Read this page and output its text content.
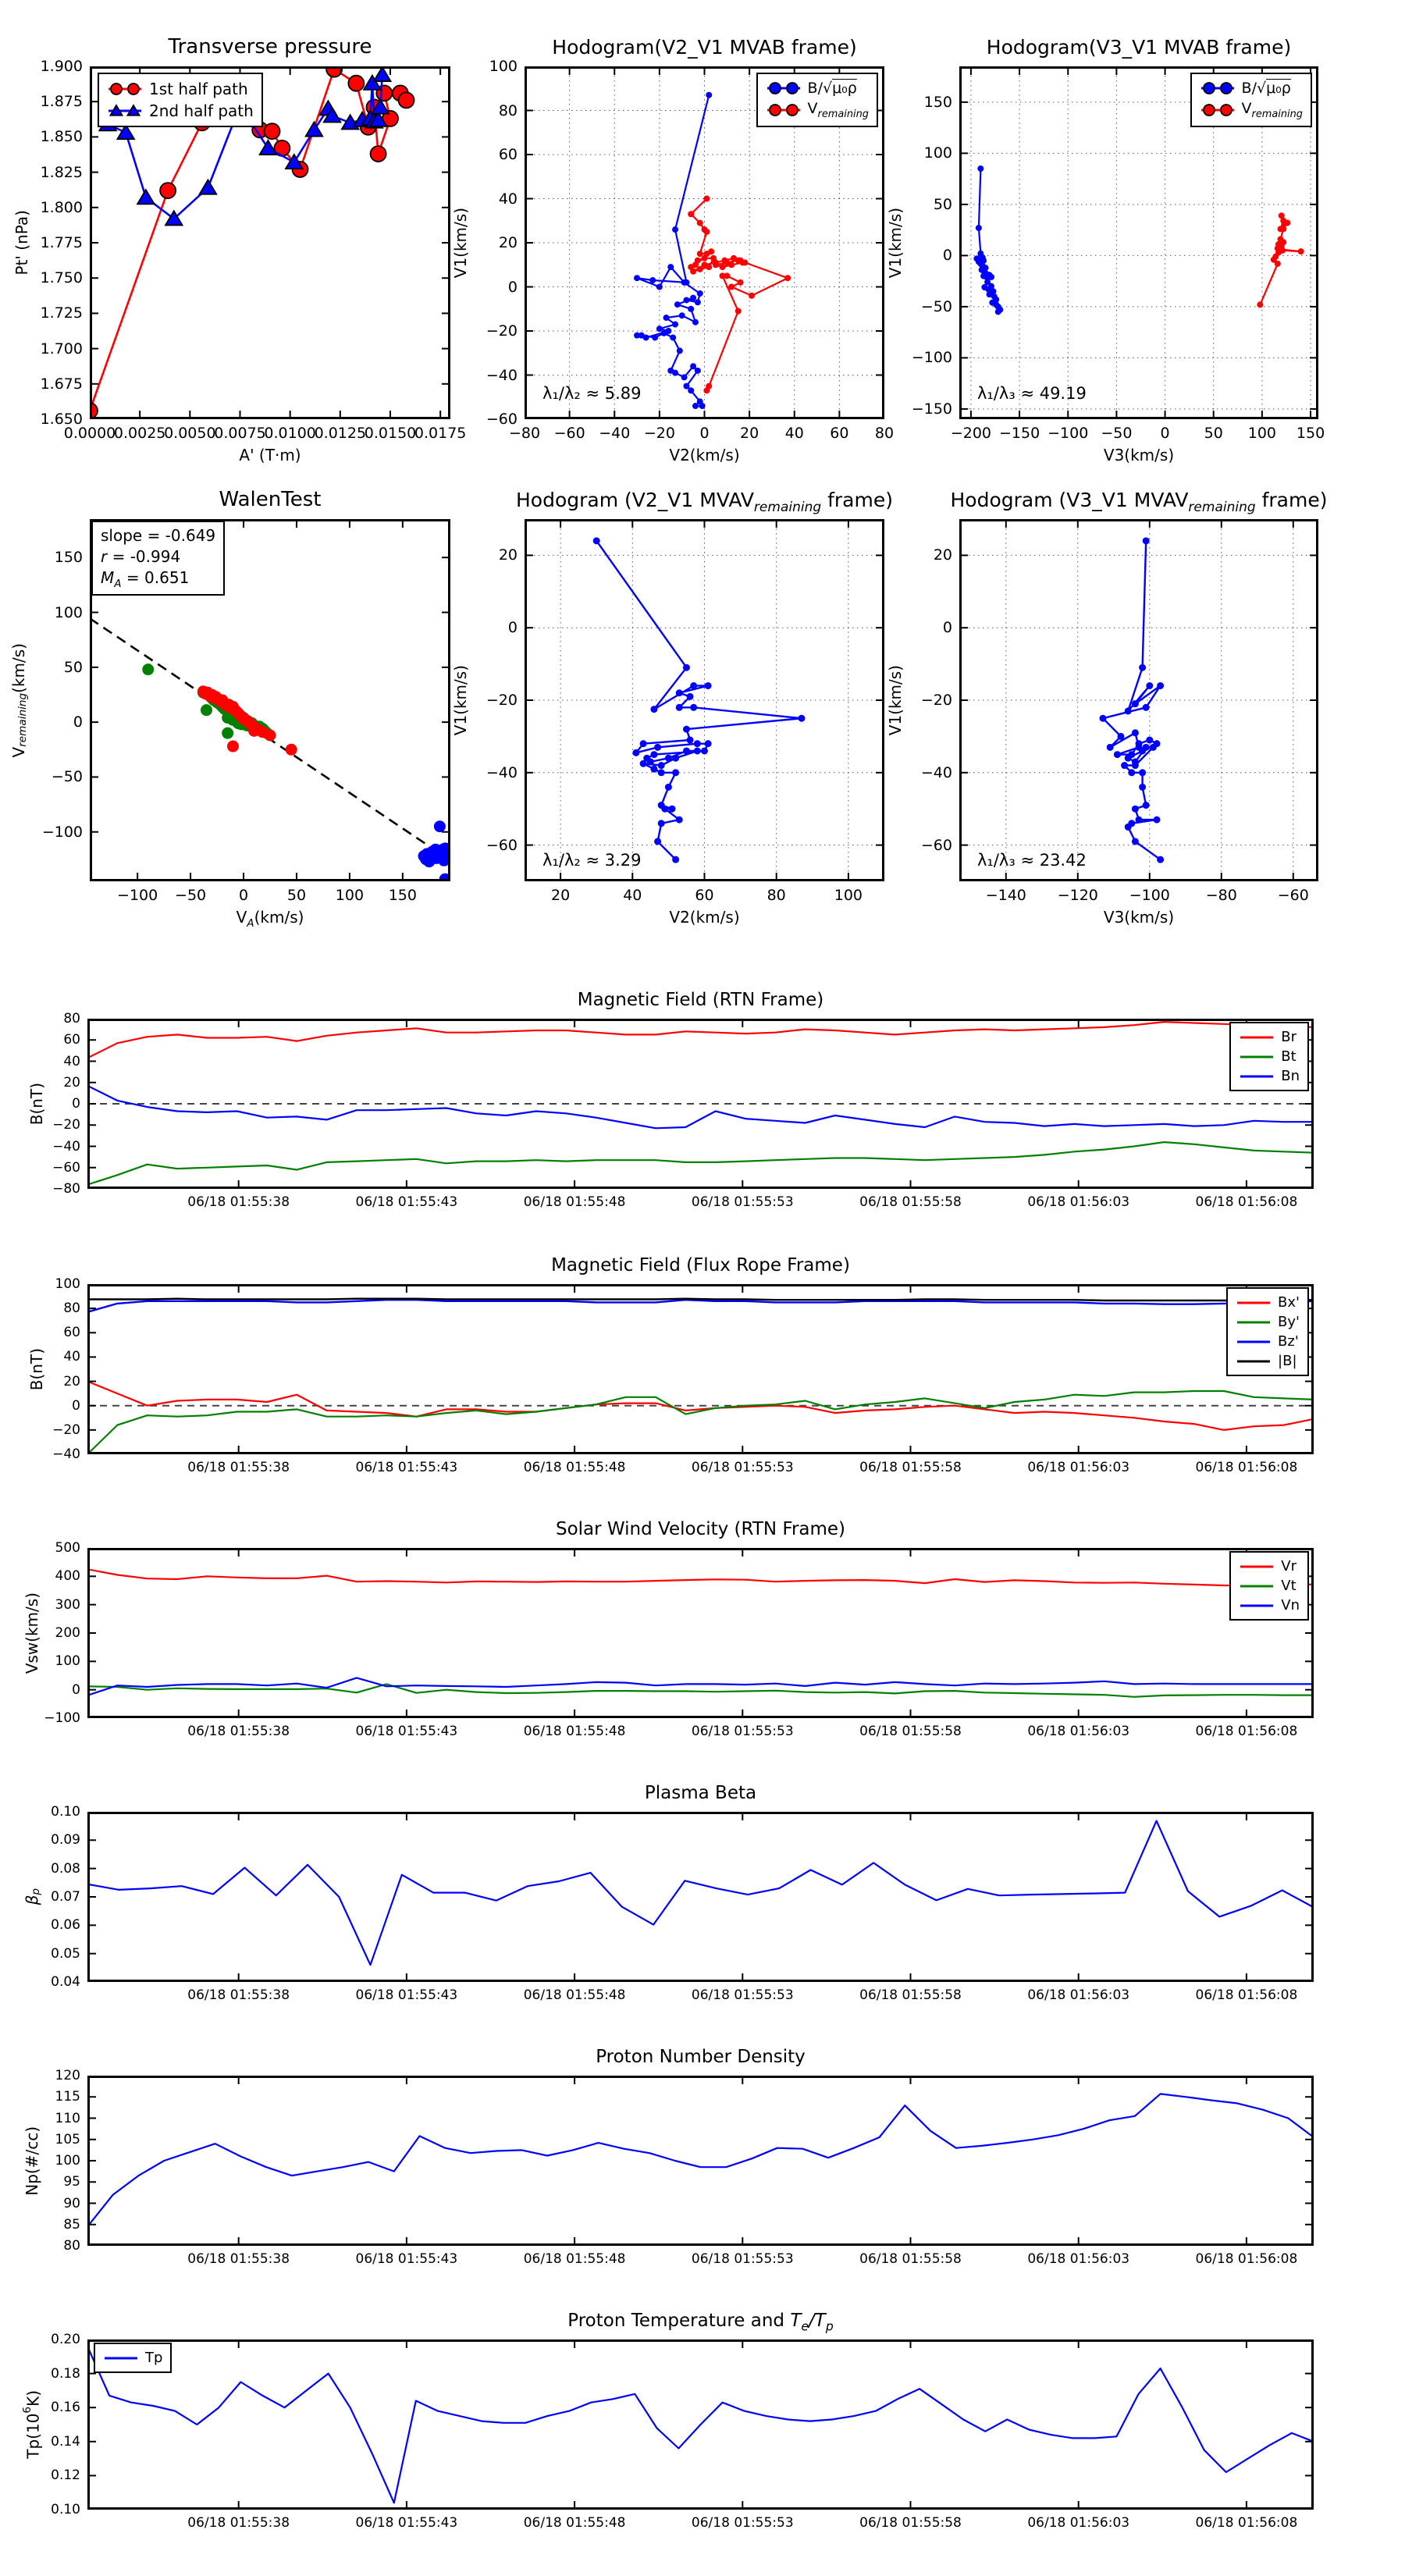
Transverse pressure
Pt' (nPa)
A' (T·m)
0.0000
0.0025
0.0050
0.0075
0.0100
0.0125
0.0150
0.0175
1.650
1.675
1.700
1.725
1.750
1.775
1.800
1.825
1.850
1.875
1.900
1st half path
2nd half path
Hodogram(V2_V1 MVAB frame)
V1(km/s)
V2(km/s)
−80 −60 −40 −20 0 20 40 60 80
−60
−40
−20
0
20
40
60
80
100
λ₁/λ₂ ≈ 5.89
B/√μ₀ρ
$V_{remaining}$
Hodogram(V3_V1 MVAB frame)
V1(km/s)
V3(km/s)
−200 −150 −100 −50 0 50 100 150
−150
−100
−50
0
50
100
150
λ₁/λ₃ ≈ 49.19
B/√μ₀ρ
$V_{remaining}$
WalenTest
$V_{remaining}(km/s)$
$V_A(km/s)$
−100 −50 0	50 100 150
−100
−50
0
50
100
150
slope = -0.649
r = -0.994
$M_A = 0.651$
Hodogram (V2_V1 $MVAV_{remaining}$ frame)
V1(km/s)
V2(km/s)
20	40	60	80	100
−60
−40
−20
0
20
λ₁/λ₂ ≈ 3.29
Hodogram (V3_V1 $MVAV_{remaining}$ frame)
V1(km/s)
V3(km/s)
−140 −120 −100 −80	−60
−60
−40
−20
0
20
λ₁/λ₃ ≈ 23.42
Magnetic Field (RTN Frame)
B(nT)
06/18 01:55:38	06/18 01:55:43	06/18 01:55:48	06/18 01:55:53	06/18 01:55:58	06/18 01:56:03	06/18 01:56:08
−80
−60
−40
−20
0
20
40
60
80
Br
Bt
Bn
Magnetic Field (Flux Rope Frame)
B(nT)
06/18 01:55:38	06/18 01:55:43	06/18 01:55:48	06/18 01:55:53	06/18 01:55:58	06/18 01:56:03	06/18 01:56:08
−40
−20
0
20
40
60
80
100
Bx'
By'
Bz'
|B|
Solar Wind Velocity (RTN Frame)
Vsw(km/s)
06/18 01:55:38	06/18 01:55:43	06/18 01:55:48	06/18 01:55:53	06/18 01:55:58	06/18 01:56:03	06/18 01:56:08
−100
0
100
200
300
400
500
Vr
Vt
Vn
Plasma Beta
$\beta_p$
06/18 01:55:38	06/18 01:55:43	06/18 01:55:48	06/18 01:55:53	06/18 01:55:58	06/18 01:56:03	06/18 01:56:08
0.04
0.05
0.06
0.07
0.08
0.09
0.10
Proton Number Density
Np(#/cc)
06/18 01:55:38	06/18 01:55:43	06/18 01:55:48	06/18 01:55:53	06/18 01:55:58	06/18 01:56:03	06/18 01:56:08
80
85
90
95
100
105
110
115
120
Proton Temperature and $T_e/T_p$
$Tp(10^6K)$
06/18 01:55:38	06/18 01:55:43	06/18 01:55:48	06/18 01:55:53	06/18 01:55:58	06/18 01:56:03	06/18 01:56:08
0.10
0.12
0.14
0.16
0.18
0.20
Tp
